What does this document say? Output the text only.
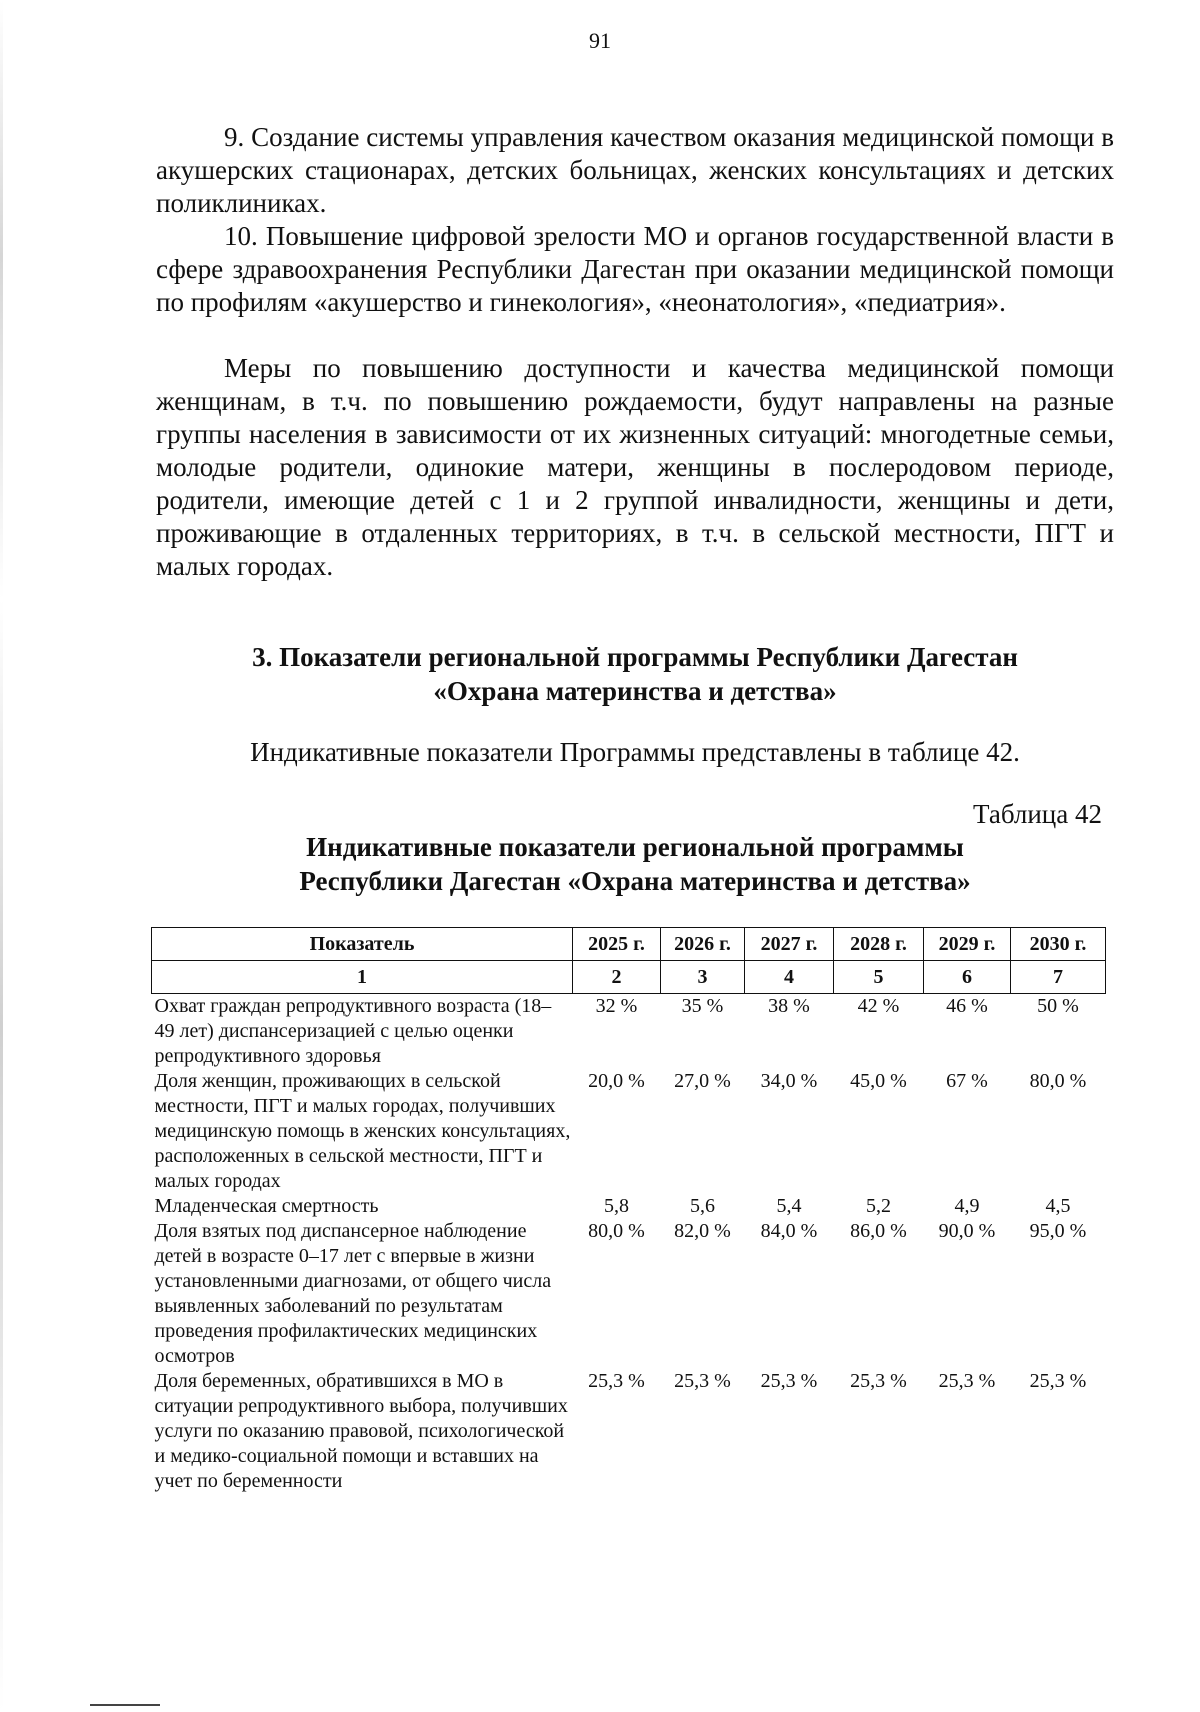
91

9. Создание системы управления качеством оказания медицинской помощи в акушерских стационарах, детских больницах, женских консультациях и детских поликлиниках.

10. Повышение цифровой зрелости МО и органов государственной власти в сфере здравоохранения Республики Дагестан при оказании медицинской помощи по профилям «акушерство и гинекология», «неонатология», «педиатрия».

Меры по повышению доступности и качества медицинской помощи женщинам, в т.ч. по повышению рождаемости, будут направлены на разные группы населения в зависимости от их жизненных ситуаций: многодетные семьи, молодые родители, одинокие матери, женщины в послеродовом периоде, родители, имеющие детей с 1 и 2 группой инвалидности, женщины и дети, проживающие в отдаленных территориях, в т.ч. в сельской местности, ПГТ и малых городах.

3. Показатели региональной программы Республики Дагестан
«Охрана материнства и детства»
Индикативные показатели Программы представлены в таблице 42.
Таблица 42
Индикативные показатели региональной программы
Республики Дагестан «Охрана материнства и детства»
Показатель	2025 г.	2026 г.	2027 г.	2028 г.	2029 г.	2030 г.
1	2	3	4	5	6	7
Охват граждан репродуктивного возраста (18–49 лет) диспансеризацией с целью оценки репродуктивного здоровья	32 %	35 %	38 %	42 %	46 %	50 %
Доля женщин, проживающих в сельской местности, ПГТ и малых городах, получивших медицинскую помощь в женских консультациях, расположенных в сельской местности, ПГТ и малых городах	20,0 %	27,0 %	34,0 %	45,0 %	67 %	80,0 %
Младенческая смертность	5,8	5,6	5,4	5,2	4,9	4,5
Доля взятых под диспансерное наблюдение детей в возрасте 0–17 лет с впервые в жизни установленными диагнозами, от общего числа выявленных заболеваний по результатам проведения профилактических медицинских осмотров	80,0 %	82,0 %	84,0 %	86,0 %	90,0 %	95,0 %
Доля беременных, обратившихся в МО в ситуации репродуктивного выбора, получивших услуги по оказанию правовой, психологической и медико-социальной помощи и вставших на учет по беременности	25,3 %	25,3 %	25,3 %	25,3 %	25,3 %	25,3 %
